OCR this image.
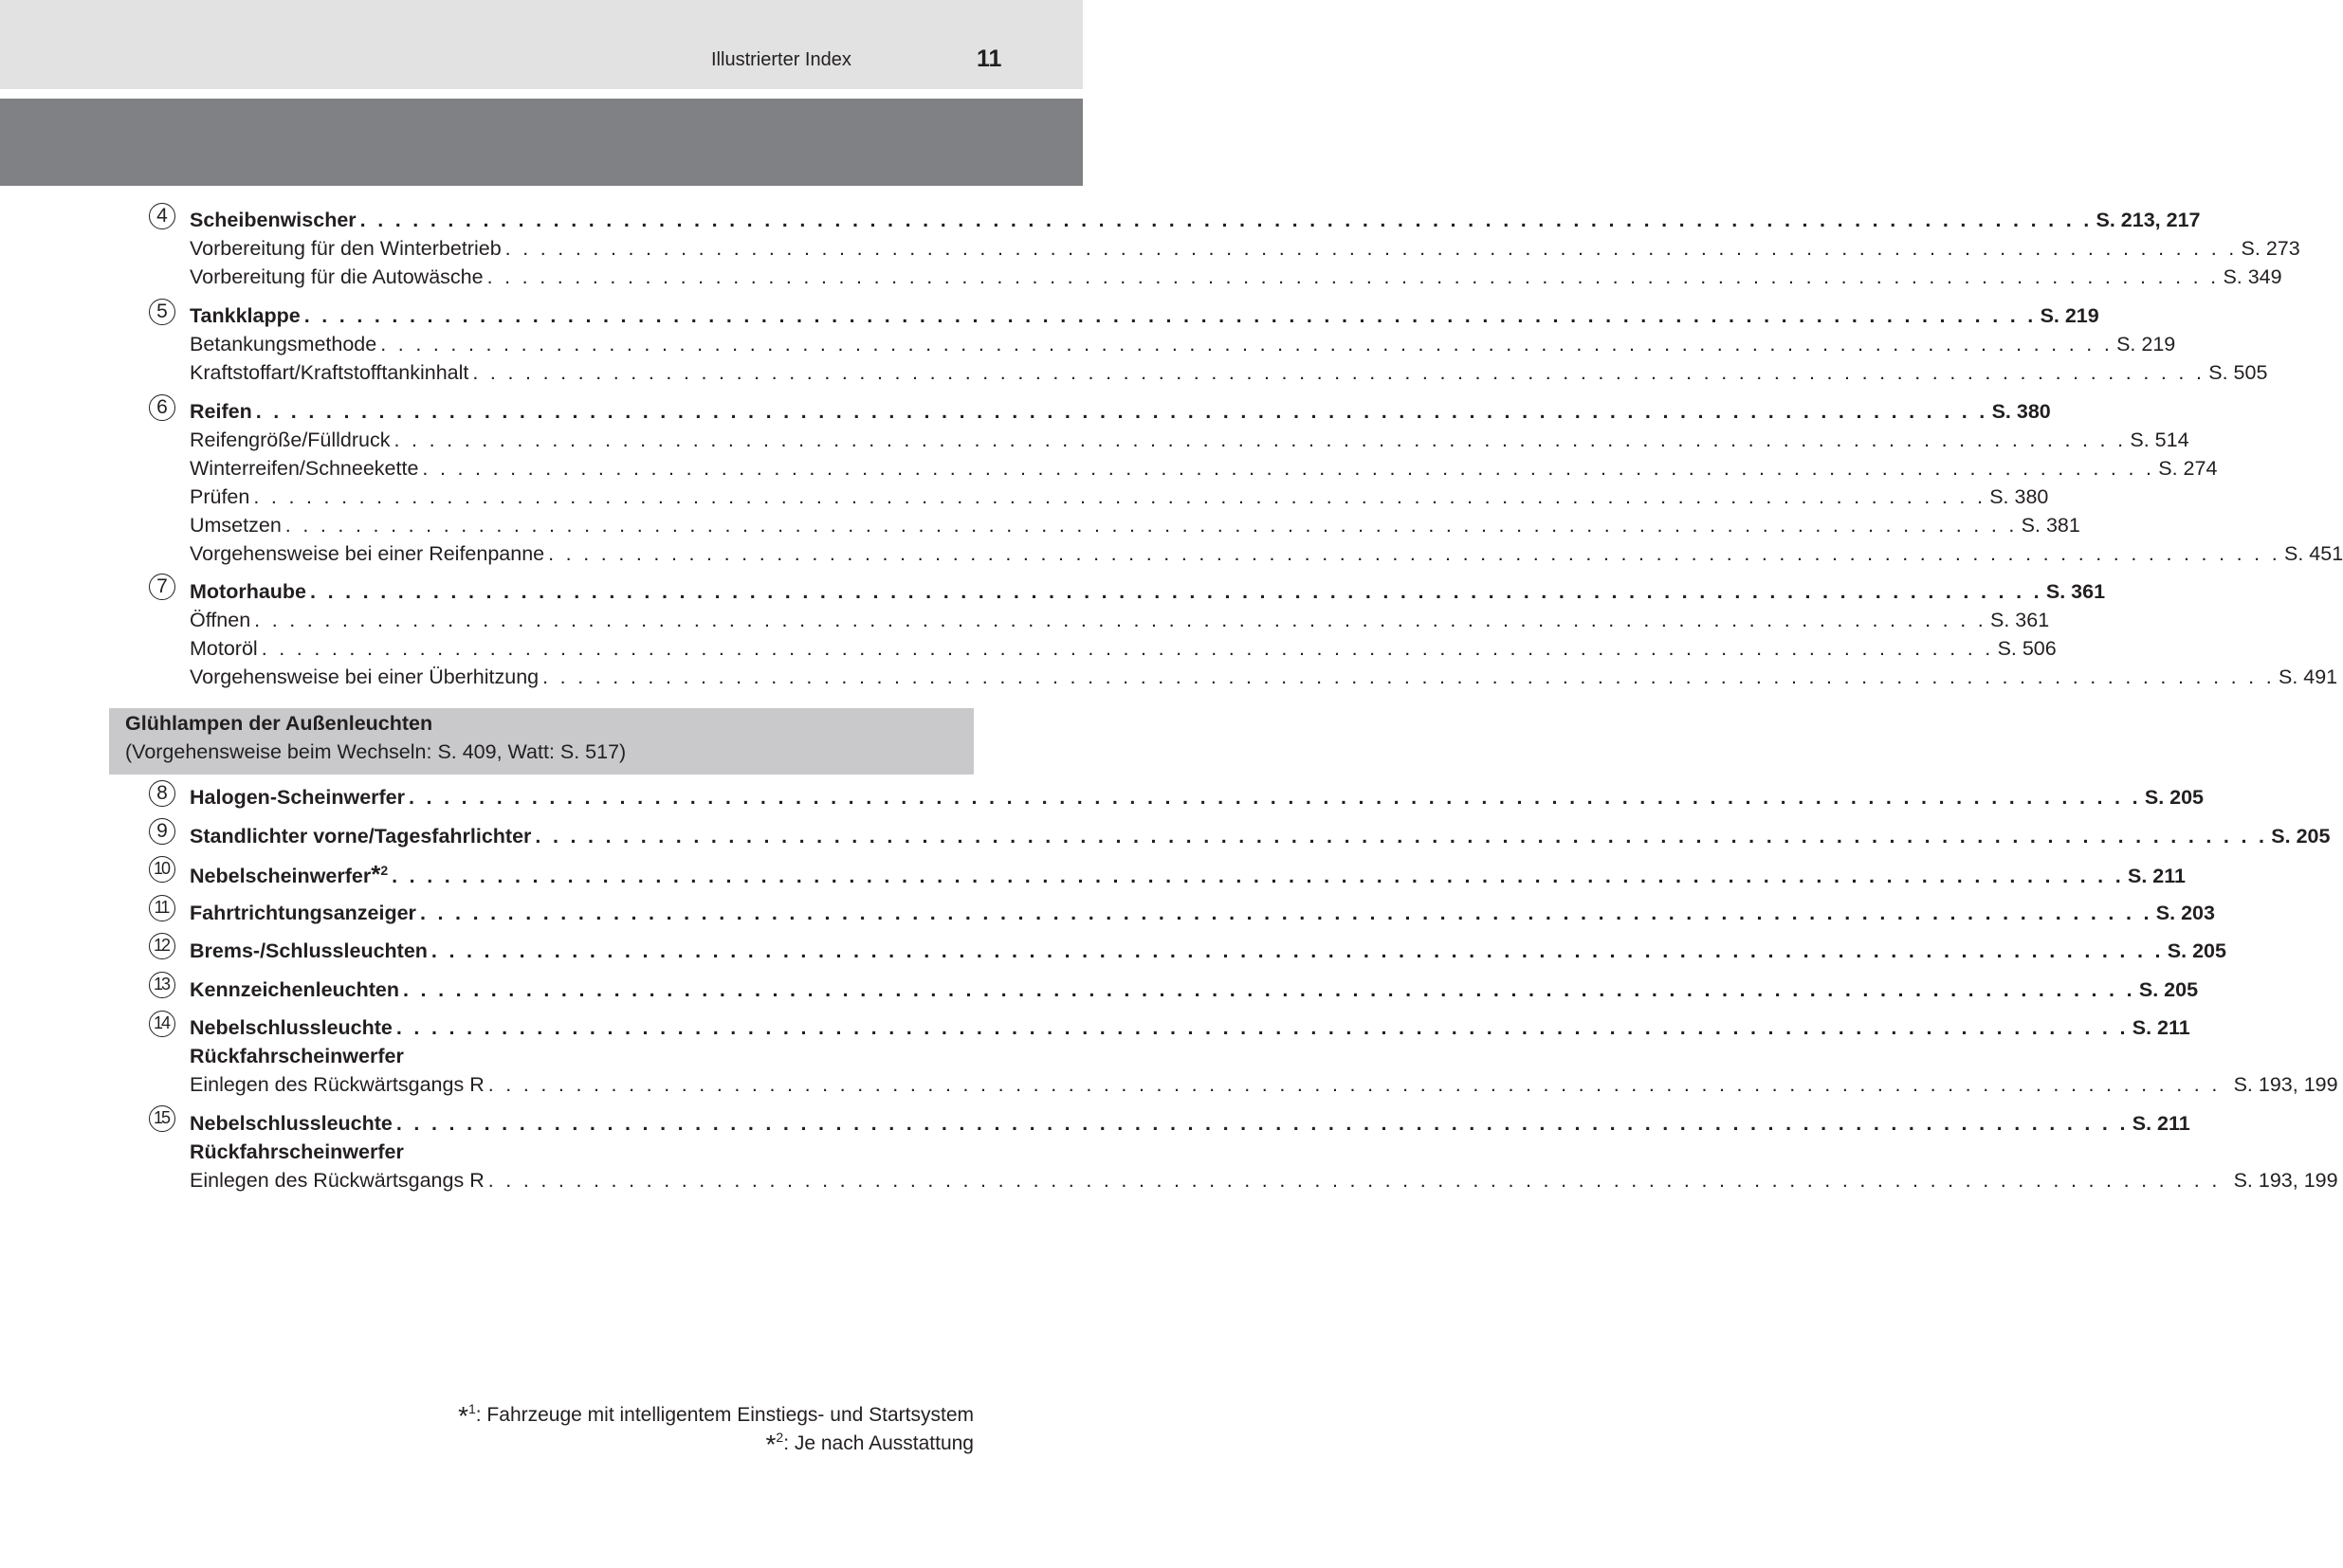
Illustrierter Index	11
4	Scheibenwischer . . . . . . . . . . . . . . . . . . . . . . . . . . . . . . . . . . . . . . . . . . . . . . . . . . . . . . . . . . . . . . . . . . . . . . . . . . . . . . . . . . . . . . . . . . . . . . . . . . . S. 213, 217
Vorbereitung für den Winterbetrieb . . . . . . . . . . . . . . . . . . . . . . . . . . . . . . . . . . . . . . . . . . . . . . . . . . . . . . . . . . . . . . . . . . . . . . . . . . . . . . . . . . . . . . . . . . . . . . . . . . . S. 273
Vorbereitung für die Autowäsche . . . . . . . . . . . . . . . . . . . . . . . . . . . . . . . . . . . . . . . . . . . . . . . . . . . . . . . . . . . . . . . . . . . . . . . . . . . . . . . . . . . . . . . . . . . . . . . . . . . S. 349
5	Tankklappe . . . . . . . . . . . . . . . . . . . . . . . . . . . . . . . . . . . . . . . . . . . . . . . . . . . . . . . . . . . . . . . . . . . . . . . . . . . . . . . . . . . . . . . . . . . . . . . . . . . S. 219
Betankungsmethode . . . . . . . . . . . . . . . . . . . . . . . . . . . . . . . . . . . . . . . . . . . . . . . . . . . . . . . . . . . . . . . . . . . . . . . . . . . . . . . . . . . . . . . . . . . . . . . . . . . S. 219
Kraftstoffart/Kraftstofftankinhalt . . . . . . . . . . . . . . . . . . . . . . . . . . . . . . . . . . . . . . . . . . . . . . . . . . . . . . . . . . . . . . . . . . . . . . . . . . . . . . . . . . . . . . . . . . . . . . . . . . . S. 505
6	Reifen . . . . . . . . . . . . . . . . . . . . . . . . . . . . . . . . . . . . . . . . . . . . . . . . . . . . . . . . . . . . . . . . . . . . . . . . . . . . . . . . . . . . . . . . . . . . . . . . . . . S. 380
Reifengröße/Fülldruck . . . . . . . . . . . . . . . . . . . . . . . . . . . . . . . . . . . . . . . . . . . . . . . . . . . . . . . . . . . . . . . . . . . . . . . . . . . . . . . . . . . . . . . . . . . . . . . . . . . S. 514
Winterreifen/Schneekette . . . . . . . . . . . . . . . . . . . . . . . . . . . . . . . . . . . . . . . . . . . . . . . . . . . . . . . . . . . . . . . . . . . . . . . . . . . . . . . . . . . . . . . . . . . . . . . . . . . S. 274
Prüfen . . . . . . . . . . . . . . . . . . . . . . . . . . . . . . . . . . . . . . . . . . . . . . . . . . . . . . . . . . . . . . . . . . . . . . . . . . . . . . . . . . . . . . . . . . . . . . . . . . . S. 380
Umsetzen . . . . . . . . . . . . . . . . . . . . . . . . . . . . . . . . . . . . . . . . . . . . . . . . . . . . . . . . . . . . . . . . . . . . . . . . . . . . . . . . . . . . . . . . . . . . . . . . . . . S. 381
Vorgehensweise bei einer Reifenpanne . . . . . . . . . . . . . . . . . . . . . . . . . . . . . . . . . . . . . . . . . . . . . . . . . . . . . . . . . . . . . . . . . . . . . . . . . . . . . . . . . . . . . . . . . . . . . . . . . . . S. 451
7	Motorhaube . . . . . . . . . . . . . . . . . . . . . . . . . . . . . . . . . . . . . . . . . . . . . . . . . . . . . . . . . . . . . . . . . . . . . . . . . . . . . . . . . . . . . . . . . . . . . . . . . . . S. 361
Öffnen . . . . . . . . . . . . . . . . . . . . . . . . . . . . . . . . . . . . . . . . . . . . . . . . . . . . . . . . . . . . . . . . . . . . . . . . . . . . . . . . . . . . . . . . . . . . . . . . . . . S. 361
Motoröl . . . . . . . . . . . . . . . . . . . . . . . . . . . . . . . . . . . . . . . . . . . . . . . . . . . . . . . . . . . . . . . . . . . . . . . . . . . . . . . . . . . . . . . . . . . . . . . . . . . S. 506
Vorgehensweise bei einer Überhitzung . . . . . . . . . . . . . . . . . . . . . . . . . . . . . . . . . . . . . . . . . . . . . . . . . . . . . . . . . . . . . . . . . . . . . . . . . . . . . . . . . . . . . . . . . . . . . . . . . . . S. 491
Glühlampen der Außenleuchten
(Vorgehensweise beim Wechseln: S. 409, Watt: S. 517)
8	Halogen-Scheinwerfer . . . . . . . . . . . . . . . . . . . . . . . . . . . . . . . . . . . . . . . . . . . . . . . . . . . . . . . . . . . . . . . . . . . . . . . . . . . . . . . . . . . . . . . . . . . . . . . . . . . S. 205
9	Standlichter vorne/Tagesfahrlichter . . . . . . . . . . . . . . . . . . . . . . . . . . . . . . . . . . . . . . . . . . . . . . . . . . . . . . . . . . . . . . . . . . . . . . . . . . . . . . . . . . . . . . . . . . . . . . . . . . . S. 205
10	Nebelscheinwerfer*$^2$ . . . . . . . . . . . . . . . . . . . . . . . . . . . . . . . . . . . . . . . . . . . . . . . . . . . . . . . . . . . . . . . . . . . . . . . . . . . . . . . . . . . . . . . . . . . . . . . . . . . S. 211
11	Fahrtrichtungsanzeiger . . . . . . . . . . . . . . . . . . . . . . . . . . . . . . . . . . . . . . . . . . . . . . . . . . . . . . . . . . . . . . . . . . . . . . . . . . . . . . . . . . . . . . . . . . . . . . . . . . . S. 203
12	Brems-/Schlussleuchten . . . . . . . . . . . . . . . . . . . . . . . . . . . . . . . . . . . . . . . . . . . . . . . . . . . . . . . . . . . . . . . . . . . . . . . . . . . . . . . . . . . . . . . . . . . . . . . . . . . S. 205
13	Kennzeichenleuchten . . . . . . . . . . . . . . . . . . . . . . . . . . . . . . . . . . . . . . . . . . . . . . . . . . . . . . . . . . . . . . . . . . . . . . . . . . . . . . . . . . . . . . . . . . . . . . . . . . . S. 205
14	Nebelschlussleuchte . . . . . . . . . . . . . . . . . . . . . . . . . . . . . . . . . . . . . . . . . . . . . . . . . . . . . . . . . . . . . . . . . . . . . . . . . . . . . . . . . . . . . . . . . . . . . . . . . . . S. 211
Rückfahrscheinwerfer
Einlegen des Rückwärtsgangs R . . . . . . . . . . . . . . . . . . . . . . . . . . . . . . . . . . . . . . . . . . . . . . . . . . . . . . . . . . . . . . . . . . . . . . . . . . . . . . . . . . . . . . . . . . . . . . . . . . . S. 193, 199
15	Nebelschlussleuchte . . . . . . . . . . . . . . . . . . . . . . . . . . . . . . . . . . . . . . . . . . . . . . . . . . . . . . . . . . . . . . . . . . . . . . . . . . . . . . . . . . . . . . . . . . . . . . . . . . . S. 211
Rückfahrscheinwerfer
Einlegen des Rückwärtsgangs R . . . . . . . . . . . . . . . . . . . . . . . . . . . . . . . . . . . . . . . . . . . . . . . . . . . . . . . . . . . . . . . . . . . . . . . . . . . . . . . . . . . . . . . . . . . . . . . . . . . S. 193, 199
*$^1$: Fahrzeuge mit intelligentem Einstiegs- und Startsystem
*$^2$: Je nach Ausstattung
